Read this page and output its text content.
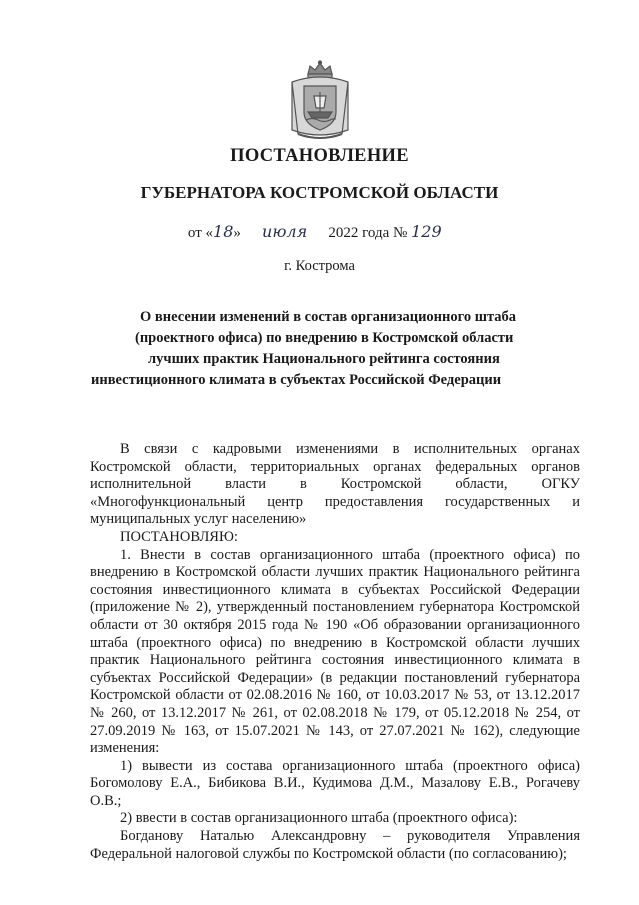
ПОСТАНОВЛЕНИЕ
ГУБЕРНАТОРА КОСТРОМСКОЙ ОБЛАСТИ
от «18» июля 2022 года № 129
г. Кострома
О внесении изменений в состав организационного штаба
(проектного офиса) по внедрению в Костромской области
лучших практик Национального рейтинга состояния
инвестиционного климата в субъектах Российской Федерации

В связи с кадровыми изменениями в исполнительных органах Костромской области, территориальных органах федеральных органов исполнительной власти в Костромской области, ОГКУ «Многофункциональный центр предоставления государственных и муниципальных услуг населению»

ПОСТАНОВЛЯЮ:

1. Внести в состав организационного штаба (проектного офиса) по внедрению в Костромской области лучших практик Национального рейтинга состояния инвестиционного климата в субъектах Российской Федерации (приложение № 2), утвержденный постановлением губернатора Костромской области от 30 октября 2015 года № 190 «Об образовании организационного штаба (проектного офиса) по внедрению в Костромской области лучших практик Национального рейтинга состояния инвестиционного климата в субъектах Российской Федерации» (в редакции постановлений губернатора Костромской области от 02.08.2016 № 160, от 10.03.2017 № 53, от 13.12.2017 № 260, от 13.12.2017 № 261, от 02.08.2018 № 179, от 05.12.2018 № 254, от 27.09.2019 № 163, от 15.07.2021 № 143, от 27.07.2021 № 162), следующие изменения:

1) вывести из состава организационного штаба (проектного офиса) Богомолову Е.А., Бибикова В.И., Кудимова Д.М., Мазалову Е.В., Рогачеву О.В.;

2) ввести в состав организационного штаба (проектного офиса):

Богданову Наталью Александровну – руководителя Управления Федеральной налоговой службы по Костромской области (по согласованию);
